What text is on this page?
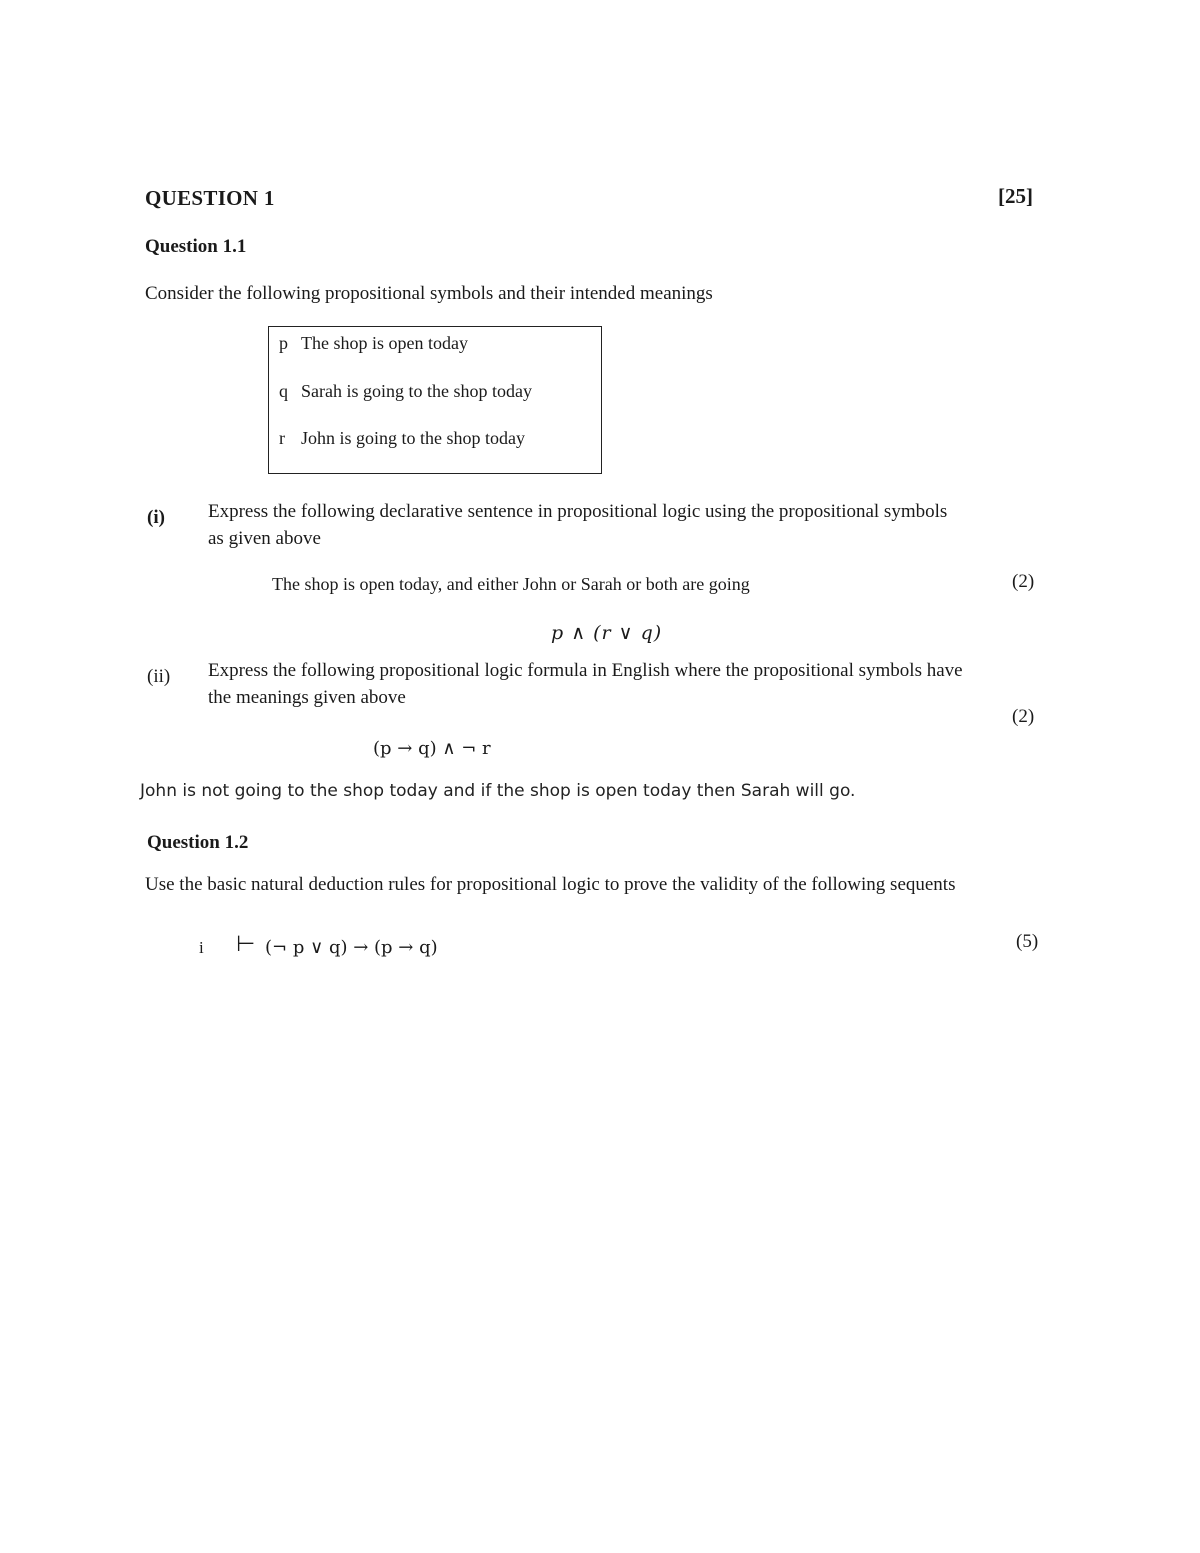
QUESTION 1	[25]
Question 1.1
Consider the following propositional symbols and their intended meanings
p The shop is open today
q Sarah is going to the shop today
r John is going to the shop today
(i) Express the following declarative sentence in propositional logic using the propositional symbols
as given above
The shop is open today, and either John or Sarah or both are going	(2)
p ∧ (r ∨ q)
(ii) Express the following propositional logic formula in English where the propositional symbols have
the meanings given above
(2)
(p → q) ∧ ¬ r
John is not going to the shop today and if the shop is open today then Sarah will go.
Question 1.2
Use the basic natural deduction rules for propositional logic to prove the validity of the following sequents
i ⊢ (¬ p ∨ q) → (p → q)	(5)
